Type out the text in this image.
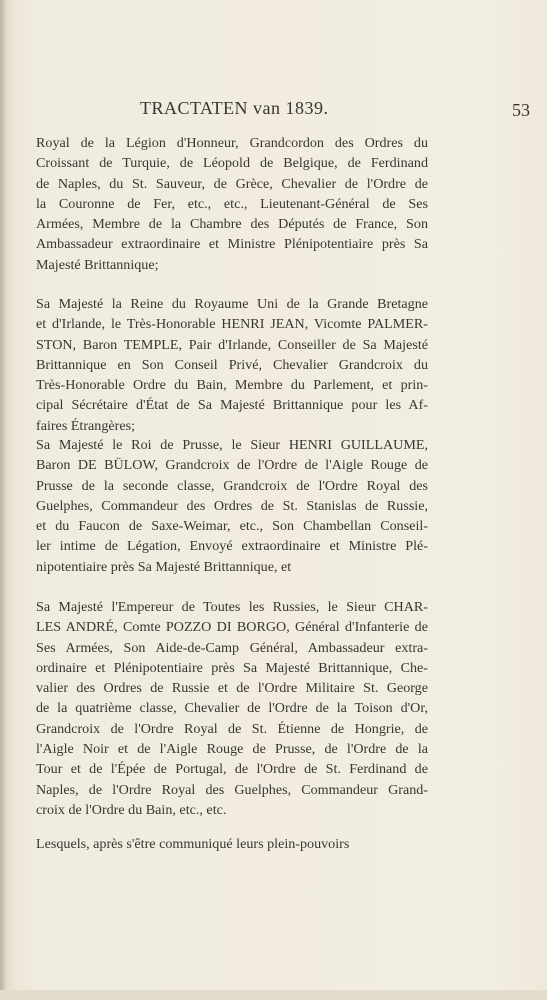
TRACTATEN van 1839.	53
Royal de la Légion d'Honneur, Grandcordon des Ordres du
Croissant de Turquie, de Léopold de Belgique, de Ferdinand
de Naples, du St. Sauveur, de Grèce, Chevalier de l'Ordre de
la Couronne de Fer, etc., etc., Lieutenant-Général de Ses
Armées, Membre de la Chambre des Députés de France, Son
Ambassadeur extraordinaire et Ministre Plénipotentiaire près Sa
Majesté Brittannique;
Sa Majesté la Reine du Royaume Uni de la Grande Bretagne
et d'Irlande, le Très-Honorable HENRI JEAN, Vicomte PALMER-
STON, Baron TEMPLE, Pair d'Irlande, Conseiller de Sa Majesté
Brittannique en Son Conseil Privé, Chevalier Grandcroix du
Très-Honorable Ordre du Bain, Membre du Parlement, et prin-
cipal Sécrétaire d'État de Sa Majesté Brittannique pour les Af-
faires Étrangères;
Sa Majesté le Roi de Prusse, le Sieur HENRI GUILLAUME,
Baron DE BÜLOW, Grandcroix de l'Ordre de l'Aigle Rouge de
Prusse de la seconde classe, Grandcroix de l'Ordre Royal des
Guelphes, Commandeur des Ordres de St. Stanislas de Russie,
et du Faucon de Saxe-Weimar, etc., Son Chambellan Conseil-
ler intime de Légation, Envoyé extraordinaire et Ministre Plé-
nipotentiaire près Sa Majesté Brittannique, et
Sa Majesté l'Empereur de Toutes les Russies, le Sieur CHAR-
LES ANDRÉ, Comte POZZO DI BORGO, Général d'Infanterie de
Ses Armées, Son Aide-de-Camp Général, Ambassadeur extra-
ordinaire et Plénipotentiaire près Sa Majesté Brittannique, Che-
valier des Ordres de Russie et de l'Ordre Militaire St. George
de la quatrième classe, Chevalier de l'Ordre de la Toison d'Or,
Grandcroix de l'Ordre Royal de St. Étienne de Hongrie, de
l'Aigle Noir et de l'Aigle Rouge de Prusse, de l'Ordre de la
Tour et de l'Épée de Portugal, de l'Ordre de St. Ferdinand de
Naples, de l'Ordre Royal des Guelphes, Commandeur Grand-
croix de l'Ordre du Bain, etc., etc.
Lesquels, après s'être communiqué leurs plein-pouvoirs
